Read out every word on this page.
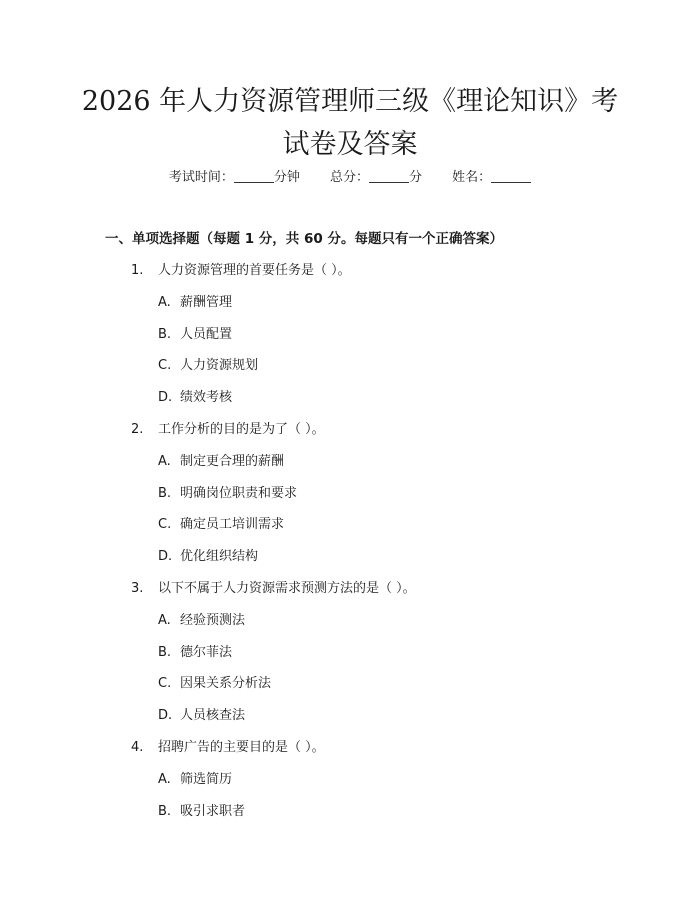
2026 年人力资源管理师三级《理论知识》考
试卷及答案
考试时间：	分钟 总分：	分 姓名：
一、单项选择题（每题 1 分，共 60 分。每题只有一个正确答案）
1. 人力资源管理的首要任务是（ ）。
A. 薪酬管理
B. 人员配置
C. 人力资源规划
D. 绩效考核
2. 工作分析的目的是为了（ ）。
A. 制定更合理的薪酬
B. 明确岗位职责和要求
C. 确定员工培训需求
D. 优化组织结构
3. 以下不属于人力资源需求预测方法的是（ ）。
A. 经验预测法
B. 德尔菲法
C. 因果关系分析法
D. 人员核查法
4. 招聘广告的主要目的是（ ）。
A. 筛选简历
B. 吸引求职者
